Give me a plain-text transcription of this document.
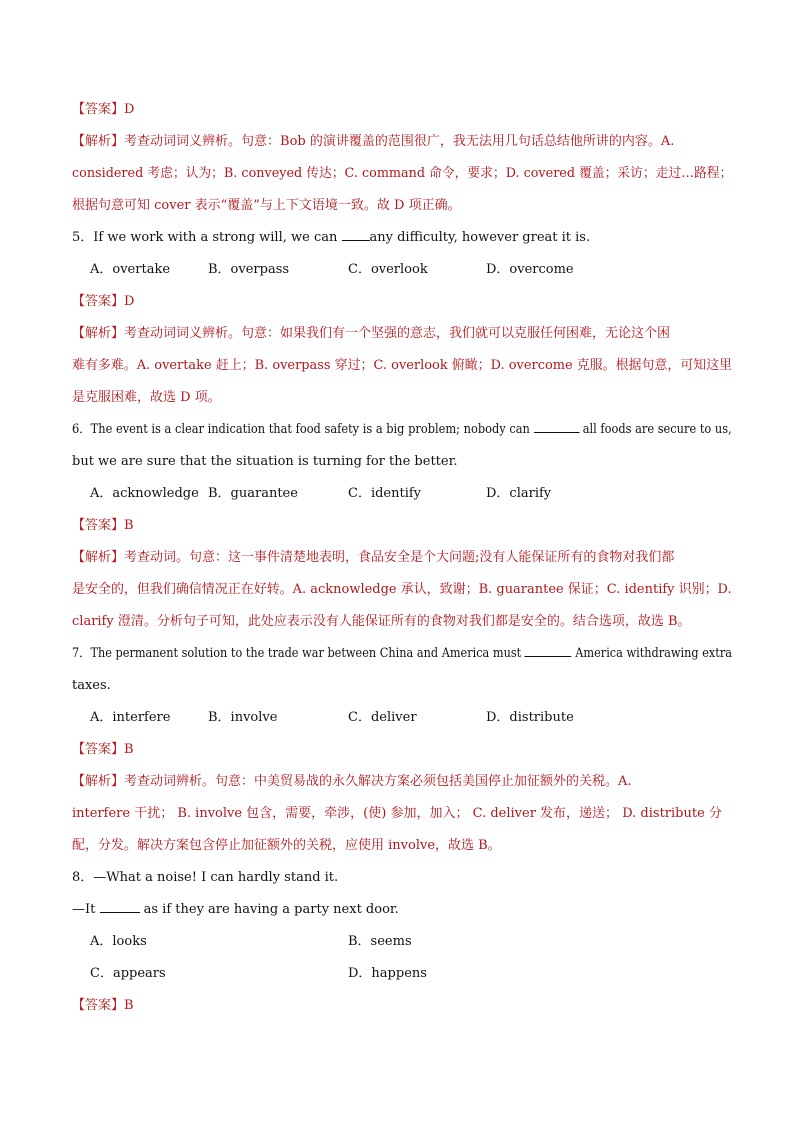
【答案】D
【解析】考查动词词义辨析。句意：Bob 的演讲覆盖的范围很广，我无法用几句话总结他所讲的内容。A.
considered 考虑；认为；B. conveyed 传达；C. command 命令，要求；D. covered 覆盖；采访；走过…路程；
根据句意可知 cover 表示“覆盖”与上下文语境一致。故 D 项正确。
5．If we work with a strong will, we can any difficulty, however great it is.
A．overtake	B．overpass	C．overlook	D．overcome
【答案】D
【解析】考查动词词义辨析。句意：如果我们有一个坚强的意志，我们就可以克服任何困难，无论这个困
难有多难。A. overtake 赶上；B. overpass 穿过；C. overlook 俯瞰；D. overcome 克服。根据句意，可知这里
是克服困难，故选 D 项。
6．The event is a clear indication that food safety is a big problem; nobody can	all foods are secure to us,
but we are sure that the situation is turning for the better.
A．acknowledge B．guarantee	C．identify	D．clarify
【答案】B
【解析】考查动词。句意：这一事件清楚地表明，食品安全是个大问题;没有人能保证所有的食物对我们都
是安全的，但我们确信情况正在好转。A. acknowledge 承认，致谢；B. guarantee 保证；C. identify 识别；D.
clarify 澄清。分析句子可知，此处应表示没有人能保证所有的食物对我们都是安全的。结合选项，故选 B。
7．The permanent solution to the trade war between China and America must	America withdrawing extra
taxes.
A．interfere	B．involve	C．deliver	D．distribute
【答案】B
【解析】考查动词辨析。句意：中美贸易战的永久解决方案必须包括美国停止加征额外的关税。A.
interfere 干扰； B. involve 包含，需要，牵涉，(使) 参加，加入； C. deliver 发布，递送； D. distribute 分
配，分发。解决方案包含停止加征额外的关税，应使用 involve，故选 B。
8．—What a noise! I can hardly stand it.
—It	as if they are having a party next door.
A．looks	B．seems
C．appears	D．happens
【答案】B
